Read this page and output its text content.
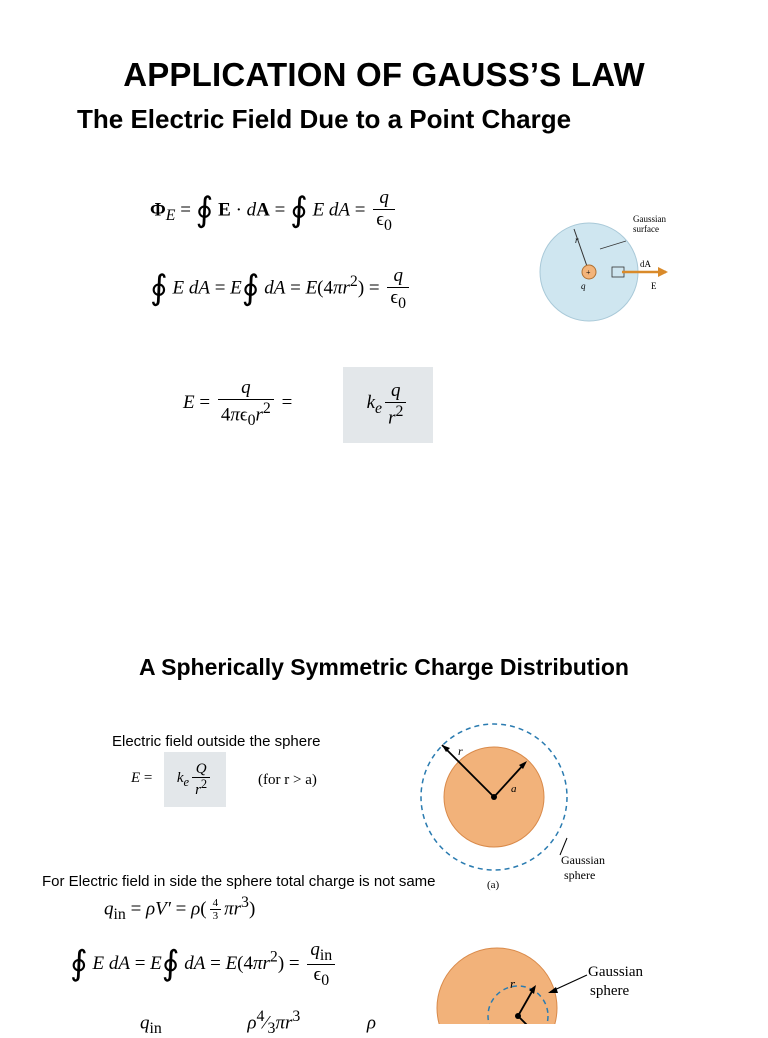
APPLICATION OF GAUSS’S LAW
The Electric Field Due to a Point Charge
$\Phi_E$ = ∮ E · dA = ∮ E dA = $\frac{q}{\epsilon_0}$
∮ E dA = E∮ dA = $E(4\pi r^2) = \frac{q}{\epsilon_0}$
$E = \frac{q}{4\pi\epsilon_0r^2}$ =	$k_e \frac{q}{r^2}$
Gaussian
surface
r
+
q
dA
E
A Spherically Symmetric Charge Distribution
Electric field outside the sphere
$E = k_e \frac{Q}{r^2}$	(for r > a)
For Electric field in side the sphere total charge is not same
$q_{in} = \rho V' = \rho( \frac{4}{3} \pi r^3)$
∮ E dA = E∮ dA = $E(4\pi r^2) = \frac{q_{in}}{\epsilon_0}$
$q_{in}$	$\rho^4⁄_3\pi r^3$	ρ
r
a
Gaussian
sphere
(a)
r
Gaussian
sphere
